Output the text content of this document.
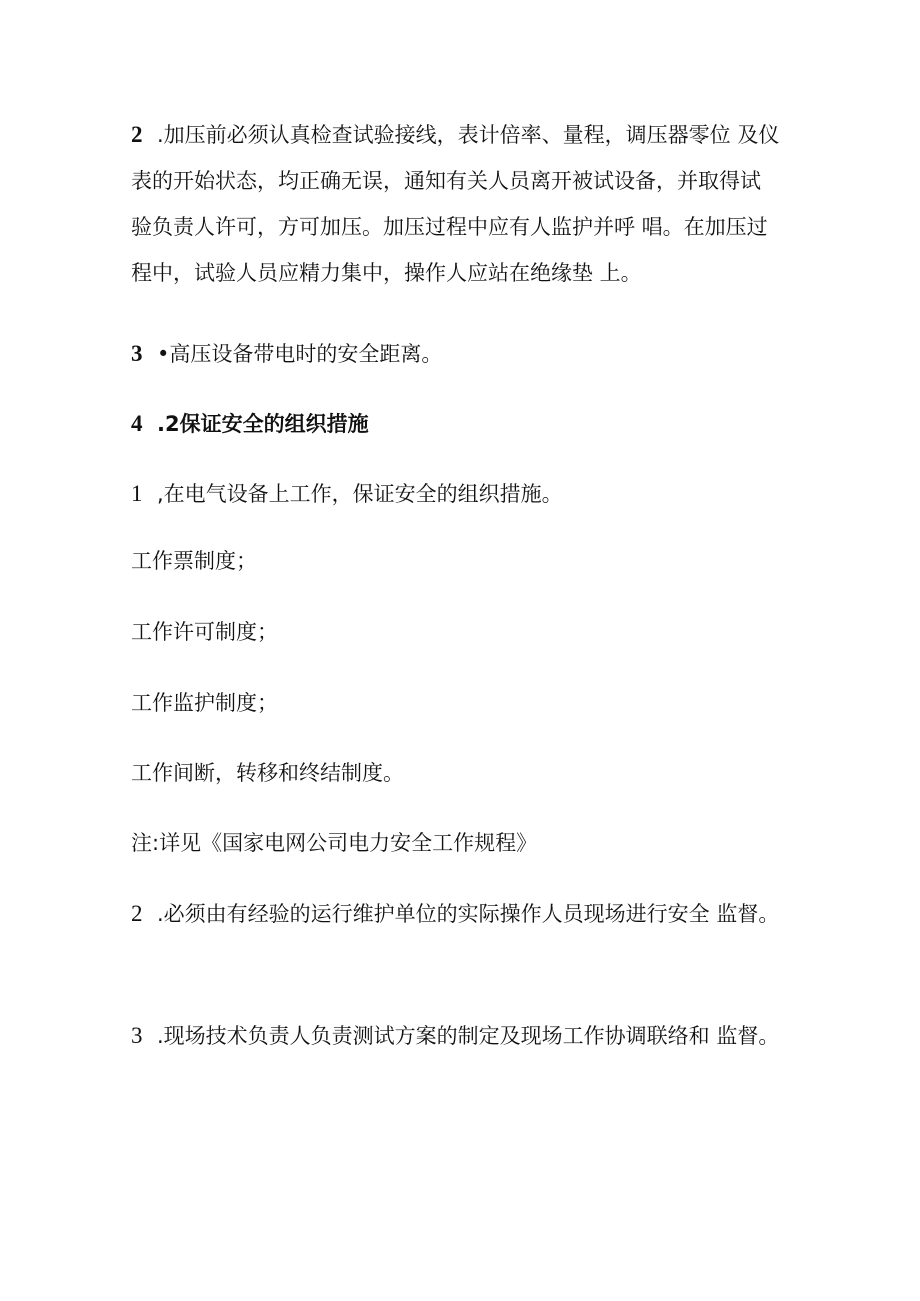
2 .加压前必须认真检查试验接线，表计倍率、量程，调压器零位 及仪表的开始状态，均正确无误，通知有关人员离开被试设备，并取得试验负责人许可，方可加压。加压过程中应有人监护并呼 唱。在加压过程中，试验人员应精力集中，操作人应站在绝缘垫 上。

3 •高压设备带电时的安全距离。

4 .2保证安全的组织措施

1 ,在电气设备上工作，保证安全的组织措施。

工作票制度；

工作许可制度；

工作监护制度；

工作间断，转移和终结制度。

注:详见《国家电网公司电力安全工作规程》

2 .必须由有经验的运行维护单位的实际操作人员现场进行安全 监督。

3 .现场技术负责人负责测试方案的制定及现场工作协调联络和 监督。
